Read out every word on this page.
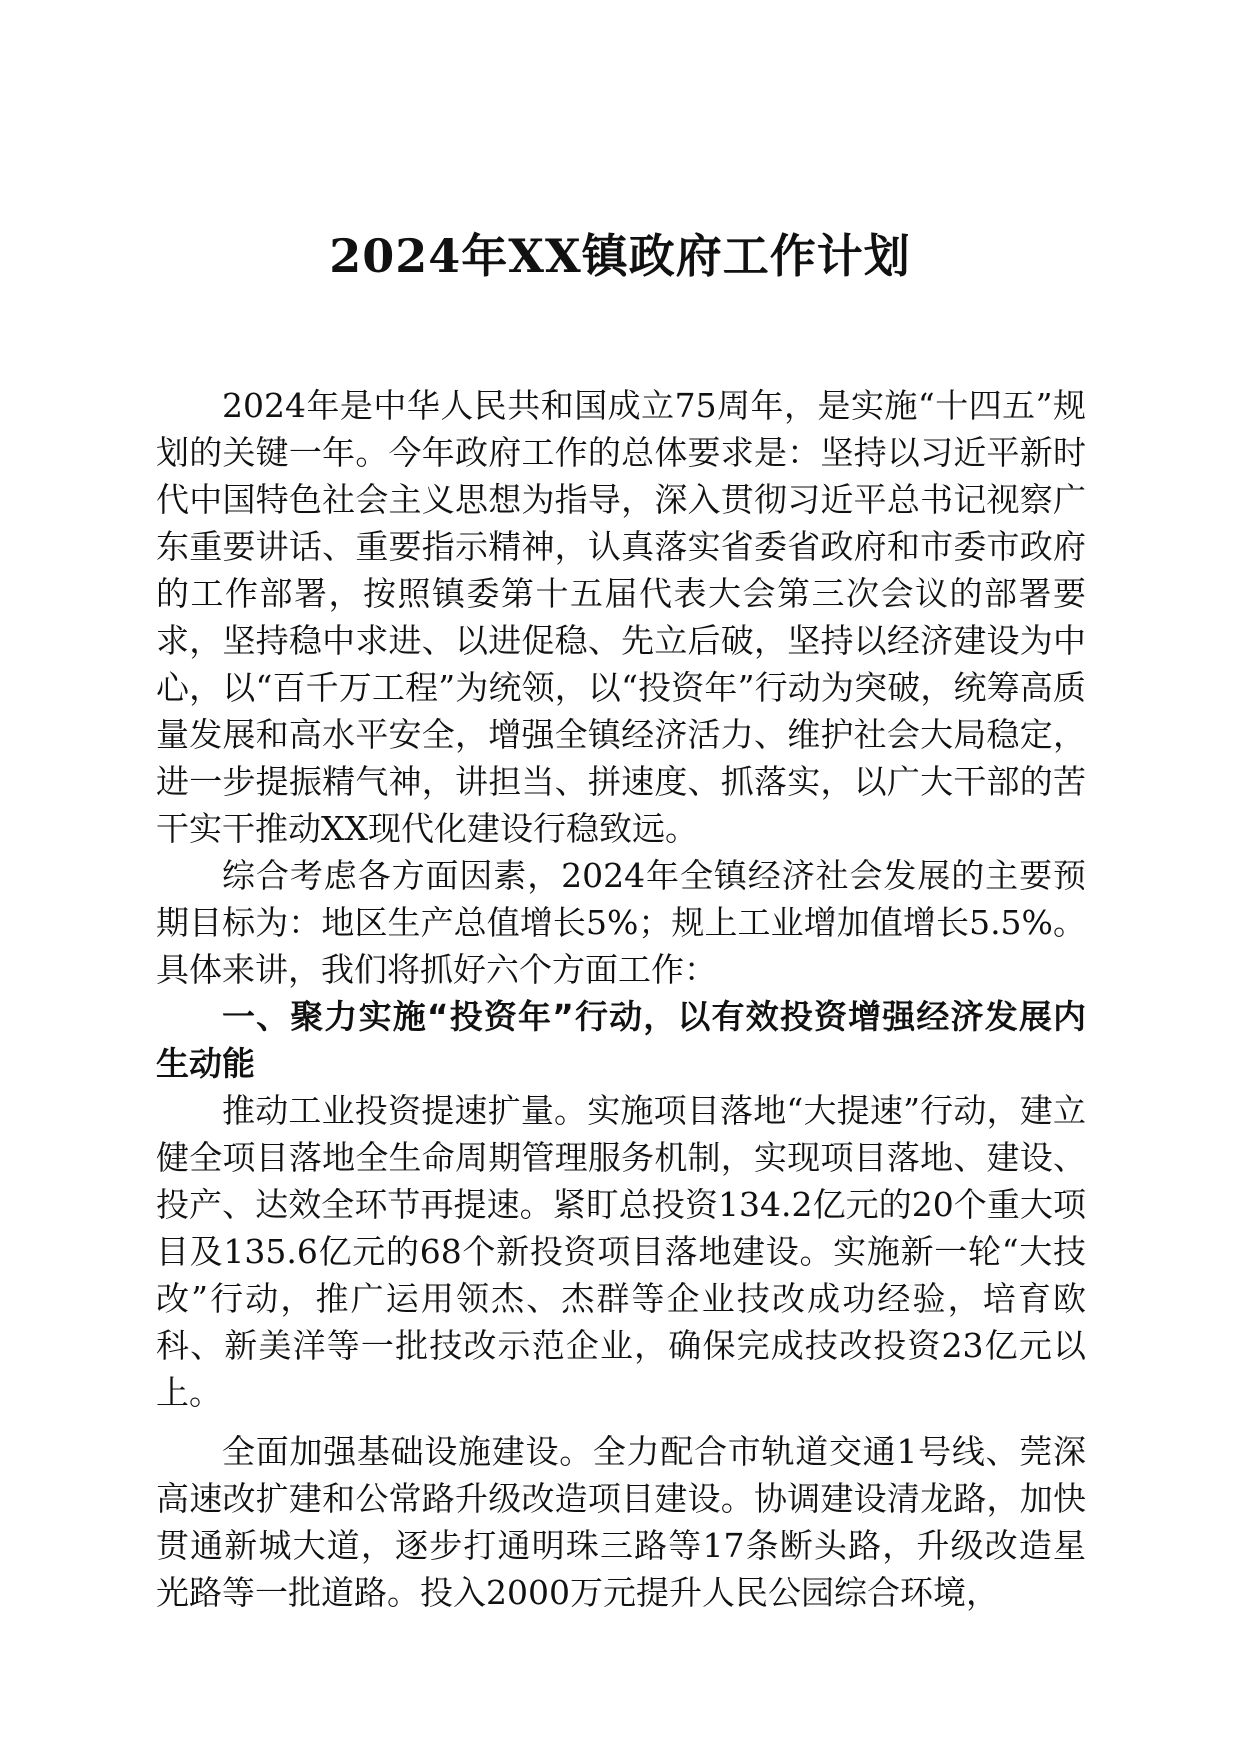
2024年XX镇政府工作计划

2024年是中华人民共和国成立75周年，是实施“十四五”规划的关键一年。今年政府工作的总体要求是：坚持以习近平新时代中国特色社会主义思想为指导，深入贯彻习近平总书记视察广东重要讲话、重要指示精神，认真落实省委省政府和市委市政府的工作部署，按照镇委第十五届代表大会第三次会议的部署要求，坚持稳中求进、以进促稳、先立后破，坚持以经济建设为中心，以“百千万工程”为统领，以“投资年”行动为突破，统筹高质量发展和高水平安全，增强全镇经济活力、维护社会大局稳定，进一步提振精气神，讲担当、拼速度、抓落实，以广大干部的苦干实干推动XX现代化建设行稳致远。

综合考虑各方面因素，2024年全镇经济社会发展的主要预期目标为：地区生产总值增长5%；规上工业增加值增长5.5%。具体来讲，我们将抓好六个方面工作：

一、聚力实施“投资年”行动，以有效投资增强经济发展内生动能

推动工业投资提速扩量。实施项目落地“大提速”行动，建立健全项目落地全生命周期管理服务机制，实现项目落地、建设、投产、达效全环节再提速。紧盯总投资134.2亿元的20个重大项目及135.6亿元的68个新投资项目落地建设。实施新一轮“大技改”行动，推广运用领杰、杰群等企业技改成功经验，培育欧科、新美洋等一批技改示范企业，确保完成技改投资23亿元以上。

全面加强基础设施建设。全力配合市轨道交通1号线、莞深高速改扩建和公常路升级改造项目建设。协调建设清龙路，加快贯通新城大道，逐步打通明珠三路等17条断头路，升级改造星光路等一批道路。投入2000万元提升人民公园综合环境，
